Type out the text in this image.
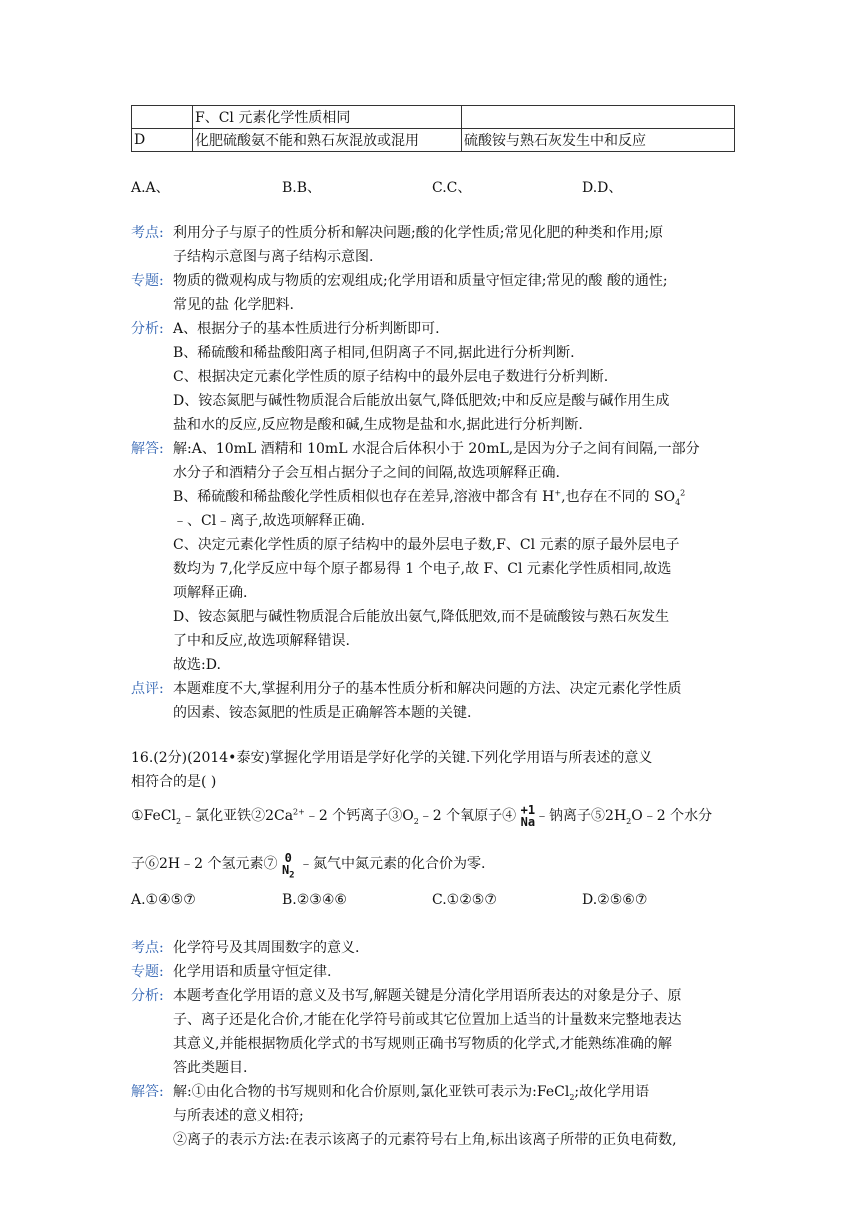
	F、Cl 元素化学性质相同	
D	化肥硫酸氨不能和熟石灰混放或混用	硫酸铵与熟石灰发生中和反应
A.A、	B.B、	C.C、	D.D、
考点: 利用分子与原子的性质分析和解决问题;酸的化学性质;常见化肥的种类和作用;原
子结构示意图与离子结构示意图.
专题: 物质的微观构成与物质的宏观组成;化学用语和质量守恒定律;常见的酸 酸的通性;
常见的盐 化学肥料.
分析: A、根据分子的基本性质进行分析判断即可.
B、稀硫酸和稀盐酸阳离子相同,但阴离子不同,据此进行分析判断.
C、根据决定元素化学性质的原子结构中的最外层电子数进行分析判断.
D、铵态氮肥与碱性物质混合后能放出氨气,降低肥效;中和反应是酸与碱作用生成
盐和水的反应,反应物是酸和碱,生成物是盐和水,据此进行分析判断.
解答: 解:A、10mL 酒精和 10mL 水混合后体积小于 20mL,是因为分子之间有间隔,一部分
水分子和酒精分子会互相占据分子之间的间隔,故选项解释正确.
B、稀硫酸和稀盐酸化学性质相似也存在差异,溶液中都含有 H+,也存在不同的 $SO_4^2$
﹣、Cl﹣离子,故选项解释正确.
C、决定元素化学性质的原子结构中的最外层电子数,F、Cl 元素的原子最外层电子
数均为 7,化学反应中每个原子都易得 1 个电子,故 F、Cl 元素化学性质相同,故选
项解释正确.
D、铵态氮肥与碱性物质混合后能放出氨气,降低肥效,而不是硫酸铵与熟石灰发生
了中和反应,故选项解释错误.
故选:D.
点评: 本题难度不大,掌握利用分子的基本性质分析和解决问题的方法、决定元素化学性质
的因素、铵态氮肥的性质是正确解答本题的关键.
16.(2分)(2014•泰安)掌握化学用语是学好化学的关键.下列化学用语与所表述的意义
相符合的是( )
①FeCl$_2$﹣氯化亚铁$②2Ca^{2+}﹣2$ 个钙离子$③O_2﹣2$ 个氧原子④ +1
Na﹣钠离子$⑤2H_2O﹣2$ 个水分
子⑥2H﹣2 个氢元素⑦ 0
$N_2$ ﹣氮气中氮元素的化合价为零.
A.①④⑤⑦	B.②③④⑥	C.①②⑤⑦	D.②⑤⑥⑦
考点: 化学符号及其周围数字的意义.
专题: 化学用语和质量守恒定律.
分析: 本题考查化学用语的意义及书写,解题关键是分清化学用语所表达的对象是分子、原
子、离子还是化合价,才能在化学符号前或其它位置加上适当的计量数来完整地表达
其意义,并能根据物质化学式的书写规则正确书写物质的化学式,才能熟练准确的解
答此类题目.
解答: 解:①由化合物的书写规则和化合价原则,氯化亚铁可表示为:FeCl$_2$;故化学用语
与所表述的意义相符;
②离子的表示方法:在表示该离子的元素符号右上角,标出该离子所带的正负电荷数,
